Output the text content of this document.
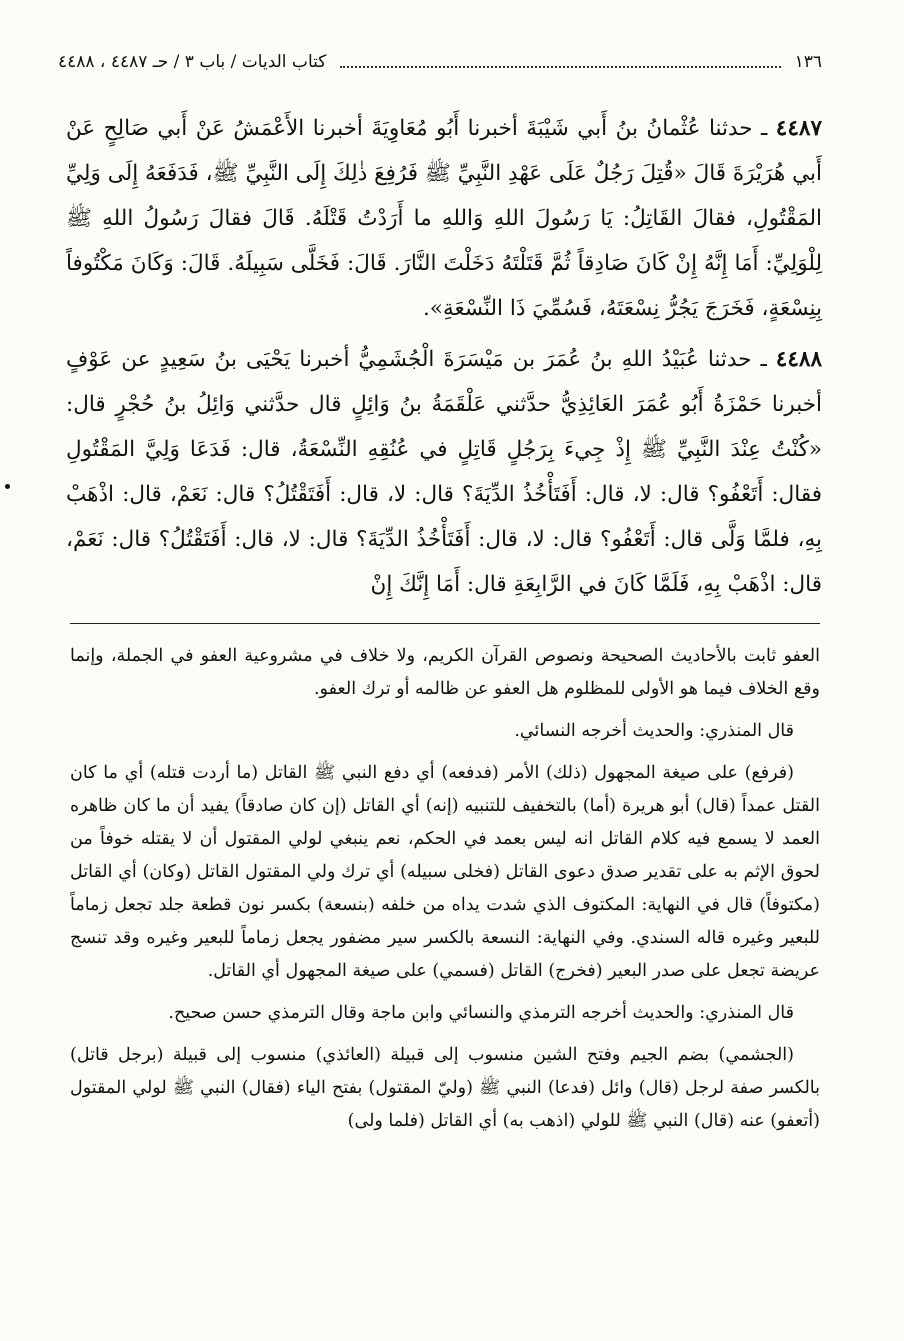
١٣٦
كتاب الديات / باب ٣ / حـ ٤٤٨٧ ، ٤٤٨٨

٤٤٨٧ ـ حدثنا عُثْمانُ بنُ أَبي شَيْبَةَ أخبرنا أَبُو مُعَاوِيَةَ أخبرنا الأَعْمَشُ عَنْ أَبي صَالِحٍ عَنْ أَبي هُرَيْرَةَ قَالَ «قُتِلَ رَجُلٌ عَلَى عَهْدِ النَّبِيِّ ﷺ فَرُفِعَ ذٰلِكَ إِلَى النَّبِيِّ ﷺ، فَدَفَعَهُ إِلَى وَلِيِّ المَقْتُولِ، فقالَ القَاتِلُ: يَا رَسُولَ اللهِ وَاللهِ ما أَرَدْتُ قَتْلَهُ. قَالَ فقالَ رَسُولُ اللهِ ﷺ لِلْوَلِيِّ: أَمَا إِنَّهُ إِنْ كَانَ صَادِقاً ثُمَّ قَتَلْتَهُ دَخَلْتَ النَّارَ. قَالَ: فَخَلَّى سَبِيلَهُ. قَالَ: وَكَانَ مَكْتُوفاً بِنِسْعَةٍ، فَخَرَجَ يَجُرُّ نِسْعَتَهُ، فَسُمِّيَ ذَا النِّسْعَةِ».

٤٤٨٨ ـ حدثنا عُبَيْدُ اللهِ بنُ عُمَرَ بن مَيْسَرَةَ الْجُشَمِيُّ أخبرنا يَحْيَى بنُ سَعِيدٍ عن عَوْفٍ أخبرنا حَمْزَةُ أَبُو عُمَرَ العَائِذِيُّ حدَّثني عَلْقَمَةُ بنُ وَائِلٍ قال حدَّثني وَائِلُ بنُ حُجْرٍ قال: «كُنْتُ عِنْدَ النَّبِيِّ ﷺ إِذْ جِيءَ بِرَجُلٍ قَاتِلٍ في عُنُقِهِ النِّسْعَةُ، قال: فَدَعَا وَلِيَّ المَقْتُولِ فقال: أَتَعْفُو؟ قال: لا، قال: أَفَتَأْخُذُ الدِّيَةَ؟ قال: لا، قال: أَفَتَقْتُلُ؟ قال: نَعَمْ، قال: اذْهَبْ بِهِ، فلمَّا وَلَّى قال: أَتَعْفُو؟ قال: لا، قال: أَفَتَأْخُذُ الدِّيَةَ؟ قال: لا، قال: أَفَتَقْتُلُ؟ قال: نَعَمْ، قال: اذْهَبْ بِهِ، فَلَمَّا كَانَ في الرَّابِعَةِ قال: أَمَا إِنَّكَ إِنْ

العفو ثابت بالأحاديث الصحيحة ونصوص القرآن الكريم، ولا خلاف في مشروعية العفو في الجملة، وإنما وقع الخلاف فيما هو الأولى للمظلوم هل العفو عن ظالمه أو ترك العفو.

قال المنذري: والحديث أخرجه النسائي.

(فرفع) على صيغة المجهول (ذلك) الأمر (فدفعه) أي دفع النبي ﷺ القاتل (ما أردت قتله) أي ما كان القتل عمداً (قال) أبو هريرة (أما) بالتخفيف للتنبيه (إنه) أي القاتل (إن كان صادقاً) يفيد أن ما كان ظاهره العمد لا يسمع فيه كلام القاتل انه ليس بعمد في الحكم، نعم ينبغي لولي المقتول أن لا يقتله خوفاً من لحوق الإثم به على تقدير صدق دعوى القاتل (فخلى سبيله) أي ترك ولي المقتول القاتل (وكان) أي القاتل (مكتوفاً) قال في النهاية: المكتوف الذي شدت يداه من خلفه (بنسعة) بكسر نون قطعة جلد تجعل زماماً للبعير وغيره قاله السندي. وفي النهاية: النسعة بالكسر سير مضفور يجعل زماماً للبعير وغيره وقد تنسج عريضة تجعل على صدر البعير (فخرج) القاتل (فسمي) على صيغة المجهول أي القاتل.

قال المنذري: والحديث أخرجه الترمذي والنسائي وابن ماجة وقال الترمذي حسن صحيح.

(الجشمي) بضم الجيم وفتح الشين منسوب إلى قبيلة (العائذي) منسوب إلى قبيلة (برجل قاتل) بالكسر صفة لرجل (قال) وائل (فدعا) النبي ﷺ (وليّ المقتول) بفتح الياء (فقال) النبي ﷺ لولي المقتول (أتعفو) عنه (قال) النبي ﷺ للولي (اذهب به) أي القاتل (فلما ولى)
